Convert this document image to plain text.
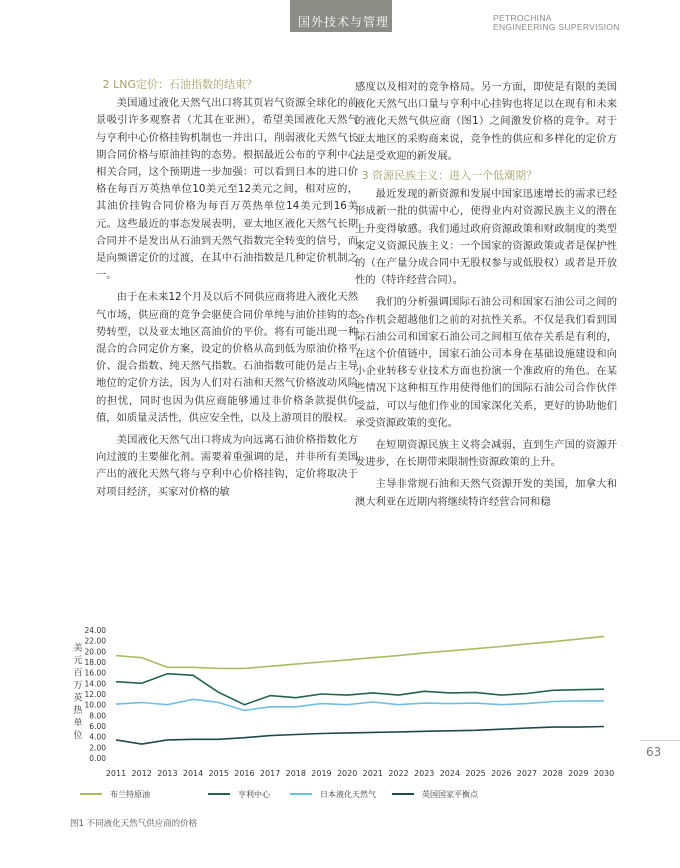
国外技术与管理	PETROCHINA
ENGINEERING SUPERVISION
2 LNG定价：石油指数的结束？

美国通过液化天然气出口将其页岩气资源全球化的前景吸引许多观察者（尤其在亚洲），希望美国液化天然气与亨利中心价格挂钩机制也一并出口，削弱液化天然气长期合同价格与原油挂钩的态势。根据最近公布的亨利中心相关合同，这个预期进一步加强：可以看到日本的进口价格在每百万英热单位10美元至12美元之间，相对应的，其油价挂钩合同价格为每百万英热单位14美元到16美元。这些最近的事态发展表明，亚太地区液化天然气长期合同并不是发出从石油到天然气指数完全转变的信号，而是向频谱定价的过渡，在其中石油指数是几种定价机制之一。

由于在未来12个月及以后不同供应商将进入液化天然气市场，供应商的竞争会驱使合同价单纯与油价挂钩的态势转型，以及亚太地区高油价的平价。将有可能出现一种混合的合同定价方案，设定的价格从高到低为原油价格平价、混合指数、纯天然气指数。石油指数可能仍是占主导地位的定价方法，因为人们对石油和天然气价格波动风险的担忧，同时也因为供应商能够通过非价格条款提供价值，如质量灵活性，供应安全性，以及上游项目的股权。

美国液化天然气出口将成为向远离石油价格指数化方向过渡的主要催化剂。需要着重强调的是，并非所有美国产出的液化天然气将与亨利中心价格挂钩，定价将取决于对项目经济，买家对价格的敏

感度以及相对的竞争格局。另一方面，即使是有限的美国液化天然气出口量与亨利中心挂钩也将足以在现有和未来的液化天然气供应商（图1）之间激发价格的竞争。对于亚太地区的采购商来说，竞争性的供应和多样化的定价方法是受欢迎的新发展。

3 资源民族主义：进入一个低潮期？

最近发现的新资源和发展中国家迅速增长的需求已经形成新一批的供需中心，使得业内对资源民族主义的潜在上升变得敏感。我们通过政府资源政策和财政制度的类型来定义资源民族主义：一个国家的资源政策或者是保护性的（在产量分成合同中无股权参与或低股权）或者是开放性的（特许经营合同）。

我们的分析强调国际石油公司和国家石油公司之间的合作机会超越他们之前的对抗性关系。不仅是我们看到国际石油公司和国家石油公司之间相互依存关系是有利的，在这个价值链中，国家石油公司本身在基础设施建设和向小企业转移专业技术方面也扮演一个准政府的角色。在某些情况下这种相互作用使得他们的国际石油公司合作伙伴受益，可以与他们作业的国家深化关系，更好的协助他们承受资源政策的变化。

在短期资源民族主义将会减弱，直到生产国的资源开发进步，在长期带来限制性资源政策的上升。

主导非常规石油和天然气资源开发的美国，加拿大和澳大利亚在近期内将继续特许经营合同和稳

0.00
2.00
4.00
6.00
8.00
10.00
12.00
14.00
16.00
18.00
20.00
22.00
24.00
美元百万英热单位
2011 2012 2013 2014 2015 2016 2017 2018 2019 2020 2021 2022 2023 2024 2025 2026 2027 2028 2029 2030
布兰特原油	亨利中心	日本液化天然气	英国国家平衡点
图1 不同液化天然气供应商的价格
63
